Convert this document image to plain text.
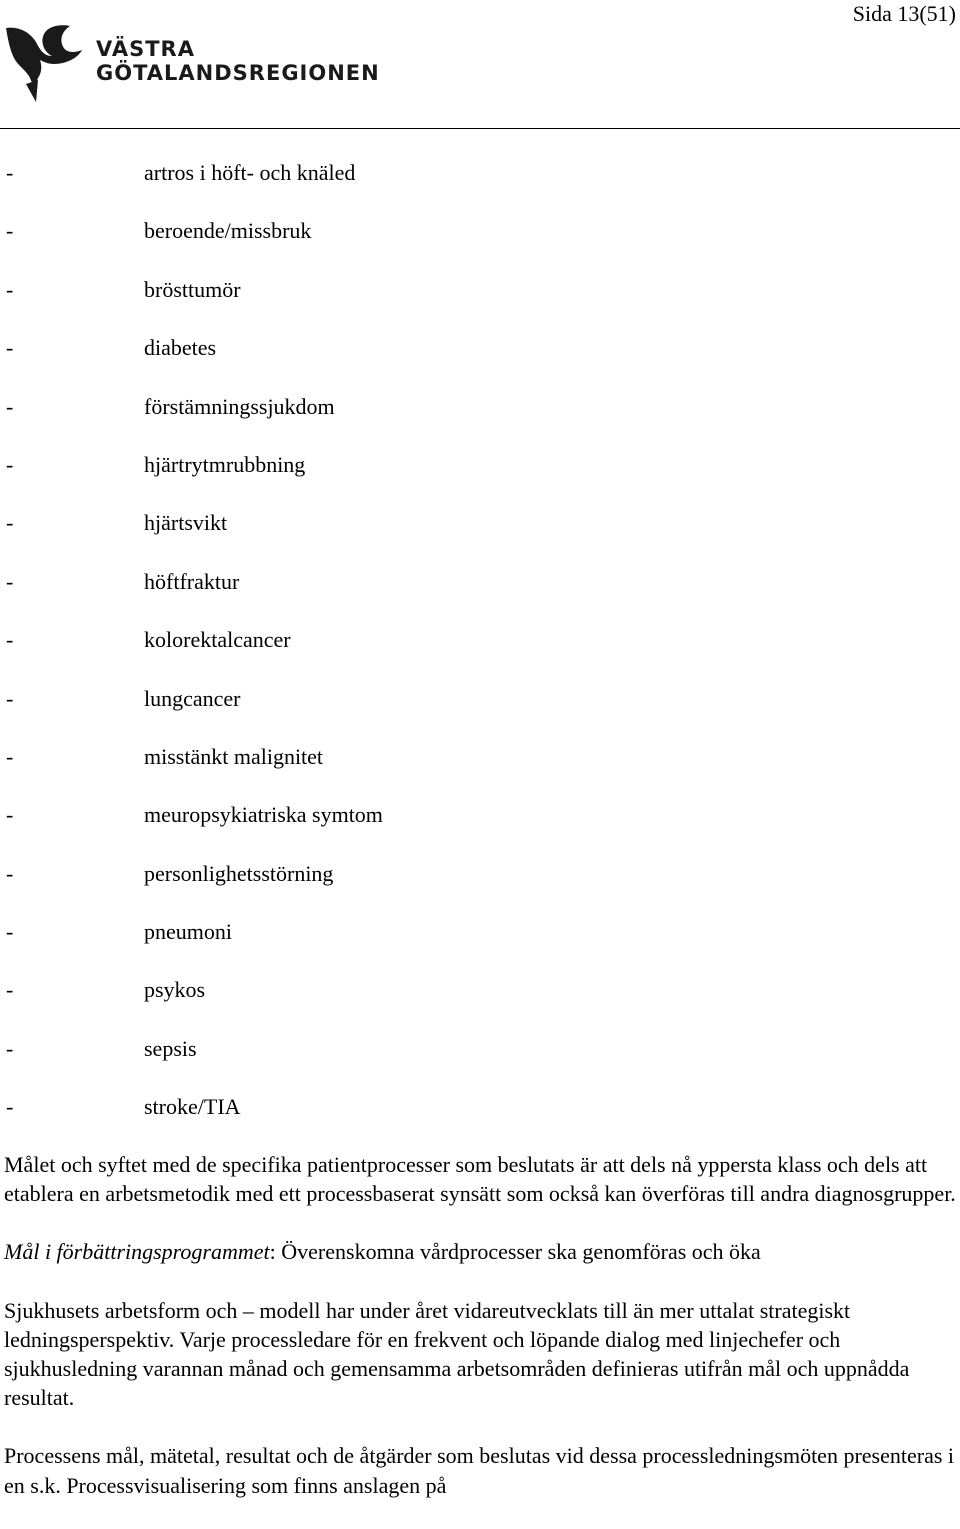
Sida 13(51)
VÄSTRA
GÖTALANDSREGIONEN
-	artros i höft- och knäled
-	beroende/missbruk
-	brösttumör
-	diabetes
-	förstämningssjukdom
-	hjärtrytmrubbning
-	hjärtsvikt
-	höftfraktur
-	kolorektalcancer
-	lungcancer
-	misstänkt malignitet
-	meuropsykiatriska symtom
-	personlighetsstörning
-	pneumoni
-	psykos
-	sepsis
-	stroke/TIA

Målet och syftet med de specifika patientprocesser som beslutats är att dels nå yppersta klass och dels att etablera en arbetsmetodik med ett processbaserat synsätt som också kan överföras till andra diagnosgrupper.

Mål i förbättringsprogrammet: Överenskomna vårdprocesser ska genomföras och öka

Sjukhusets arbetsform och – modell har under året vidareutvecklats till än mer uttalat strategiskt ledningsperspektiv. Varje processledare för en frekvent och löpande dialog med linjechefer och sjukhusledning varannan månad och gemensamma arbetsområden definieras utifrån mål och uppnådda resultat.

Processens mål, mätetal, resultat och de åtgärder som beslutas vid dessa processledningsmöten presenteras i en s.k. Processvisualisering som finns anslagen på
